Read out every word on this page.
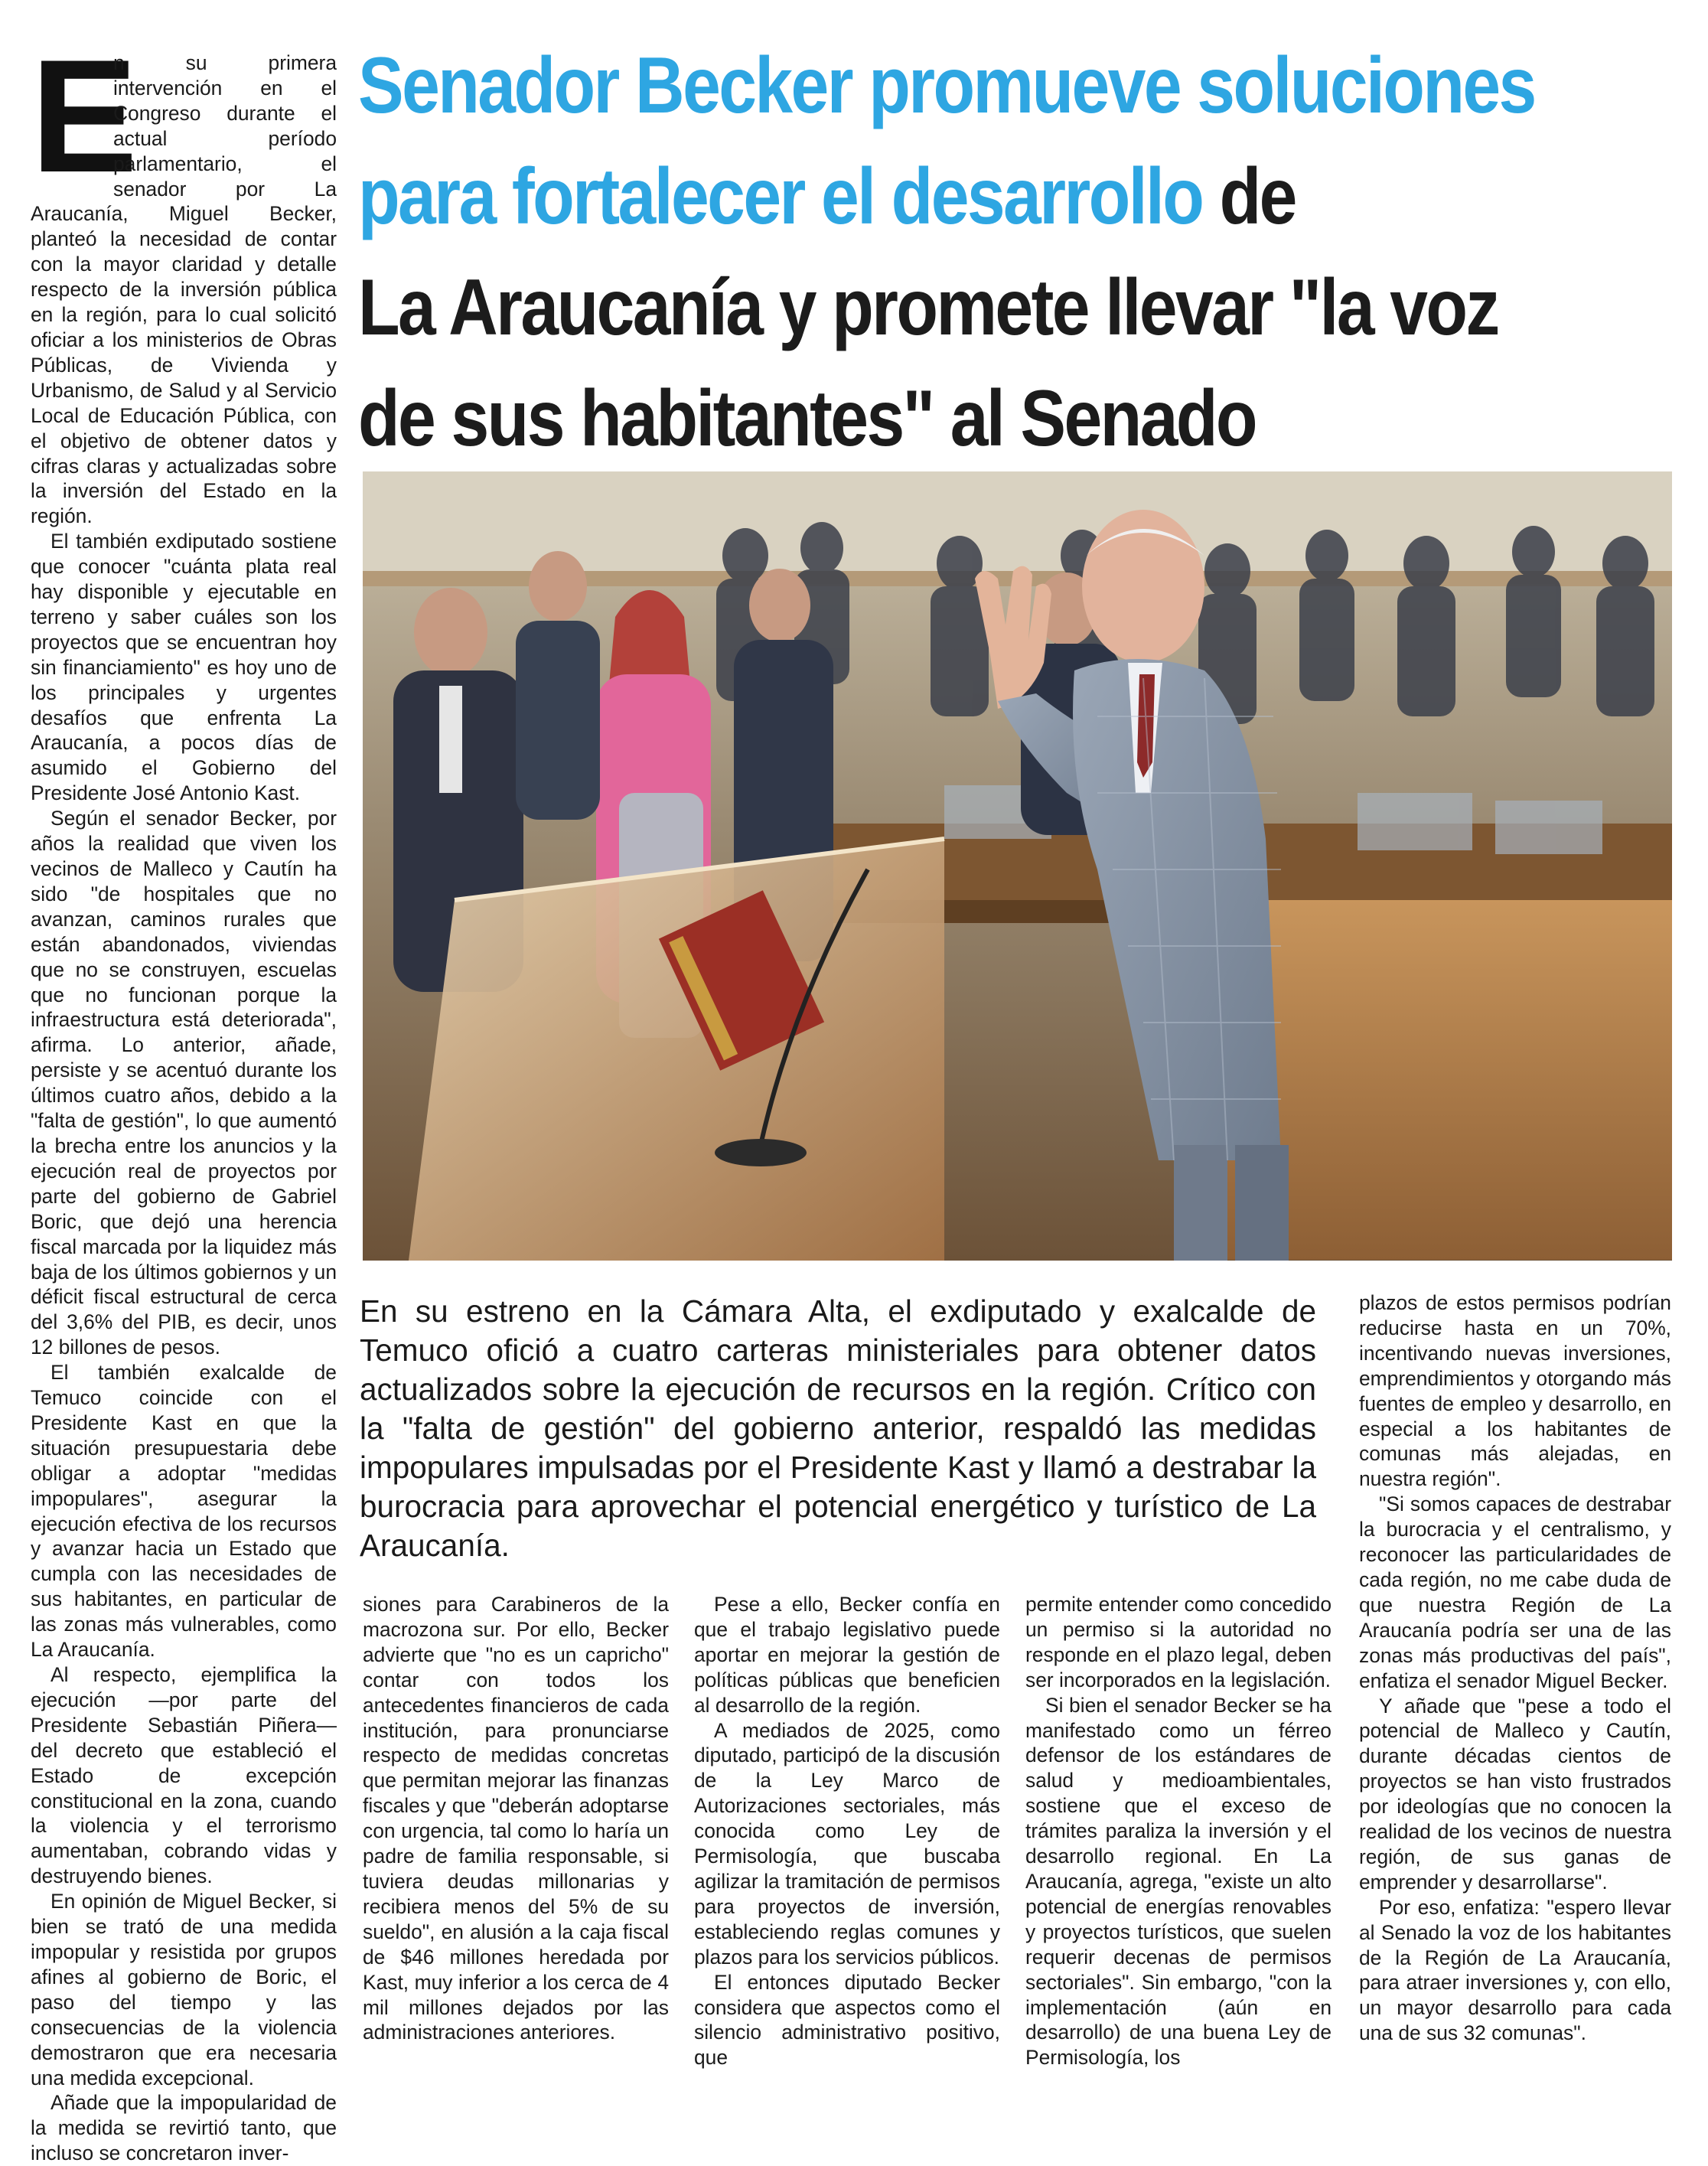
Senador Becker promueve soluciones
para fortalecer el desarrollo de
La Araucanía y promete llevar "la voz
de sus habitantes" al Senado

E
n su primera intervención en el Congreso durante el actual período parlamentario, el senador por La Araucanía, Miguel Becker, planteó la necesidad de contar con la mayor claridad y detalle respecto de la inversión pública en la región, para lo cual solicitó oficiar a los ministerios de Obras Públicas, de Vivienda y Urbanismo, de Salud y al Servicio Local de Educación Pública, con el objetivo de obtener datos y cifras claras y actualizadas sobre la inversión del Estado en la región.

El también exdiputado sostiene que conocer "cuánta plata real hay disponible y ejecutable en terreno y saber cuáles son los proyectos que se encuentran hoy sin financiamiento" es hoy uno de los principales y urgentes desafíos que enfrenta La Araucanía, a pocos días de asumido el Gobierno del Presidente José Antonio Kast.

Según el senador Becker, por años la realidad que viven los vecinos de Malleco y Cautín ha sido "de hospitales que no avanzan, caminos rurales que están abandonados, viviendas que no se construyen, escuelas que no funcionan porque la infraestructura está deteriorada", afirma. Lo anterior, añade, persiste y se acentuó durante los últimos cuatro años, debido a la "falta de gestión", lo que aumentó la brecha entre los anuncios y la ejecución real de proyectos por parte del gobierno de Gabriel Boric, que dejó una herencia fiscal marcada por la liquidez más baja de los últimos gobiernos y un déficit fiscal estructural de cerca del 3,6% del PIB, es decir, unos 12 billones de pesos.

El también exalcalde de Temuco coincide con el Presidente Kast en que la situación presupuestaria debe obligar a adoptar "medidas impopulares", asegurar la ejecución efectiva de los recursos y avanzar hacia un Estado que cumpla con las necesidades de sus habitantes, en particular de las zonas más vulnerables, como La Araucanía.

Al respecto, ejemplifica la ejecución —por parte del Presidente Sebastián Piñera— del decreto que estableció el Estado de excepción constitucional en la zona, cuando la violencia y el terrorismo aumentaban, cobrando vidas y destruyendo bienes.

En opinión de Miguel Becker, si bien se trató de una medida impopular y resistida por grupos afines al gobierno de Boric, el paso del tiempo y las consecuencias de la violencia demostraron que era necesaria una medida excepcional.

Añade que la impopularidad de la medida se revirtió tanto, que incluso se concretaron inver-

En su estreno en la Cámara Alta, el exdiputado y exalcalde de Temuco ofició a cuatro carteras ministeriales para obtener datos actualizados sobre la ejecución de recursos en la región. Crítico con la "falta de gestión" del gobierno anterior, respaldó las medidas impopulares impulsadas por el Presidente Kast y llamó a destrabar la burocracia para aprovechar el potencial energético y turístico de La Araucanía.

siones para Carabineros de la macrozona sur. Por ello, Becker advierte que "no es un capricho" contar con todos los antecedentes financieros de cada institución, para pronunciarse respecto de medidas concretas que permitan mejorar las finanzas fiscales y que "deberán adoptarse con urgencia, tal como lo haría un padre de familia responsable, si tuviera deudas millonarias y recibiera menos del 5% de su sueldo", en alusión a la caja fiscal de $46 millones heredada por Kast, muy inferior a los cerca de 4 mil millones dejados por las administraciones anteriores.

Pese a ello, Becker confía en que el trabajo legislativo puede aportar en mejorar la gestión de políticas públicas que beneficien al desarrollo de la región.

A mediados de 2025, como diputado, participó de la discusión de la Ley Marco de Autorizaciones sectoriales, más conocida como Ley de Permisología, que buscaba agilizar la tramitación de permisos para proyectos de inversión, estableciendo reglas comunes y plazos para los servicios públicos.

El entonces diputado Becker considera que aspectos como el silencio administrativo positivo, que

permite entender como concedido un permiso si la autoridad no responde en el plazo legal, deben ser incorporados en la legislación.

Si bien el senador Becker se ha manifestado como un férreo defensor de los estándares de salud y medioambientales, sostiene que el exceso de trámites paraliza la inversión y el desarrollo regional. En La Araucanía, agrega, "existe un alto potencial de energías renovables y proyectos turísticos, que suelen requerir decenas de permisos sectoriales". Sin embargo, "con la implementación (aún en desarrollo) de una buena Ley de Permisología, los

plazos de estos permisos podrían reducirse hasta en un 70%, incentivando nuevas inversiones, emprendimientos y otorgando más fuentes de empleo y desarrollo, en especial a los habitantes de comunas más alejadas, en nuestra región".

"Si somos capaces de destrabar la burocracia y el centralismo, y reconocer las particularidades de cada región, no me cabe duda de que nuestra Región de La Araucanía podría ser una de las zonas más productivas del país", enfatiza el senador Miguel Becker.

Y añade que "pese a todo el potencial de Malleco y Cautín, durante décadas cientos de proyectos se han visto frustrados por ideologías que no conocen la realidad de los vecinos de nuestra región, de sus ganas de emprender y desarrollarse".

Por eso, enfatiza: "espero llevar al Senado la voz de los habitantes de la Región de La Araucanía, para atraer inversiones y, con ello, un mayor desarrollo para cada una de sus 32 comunas".
